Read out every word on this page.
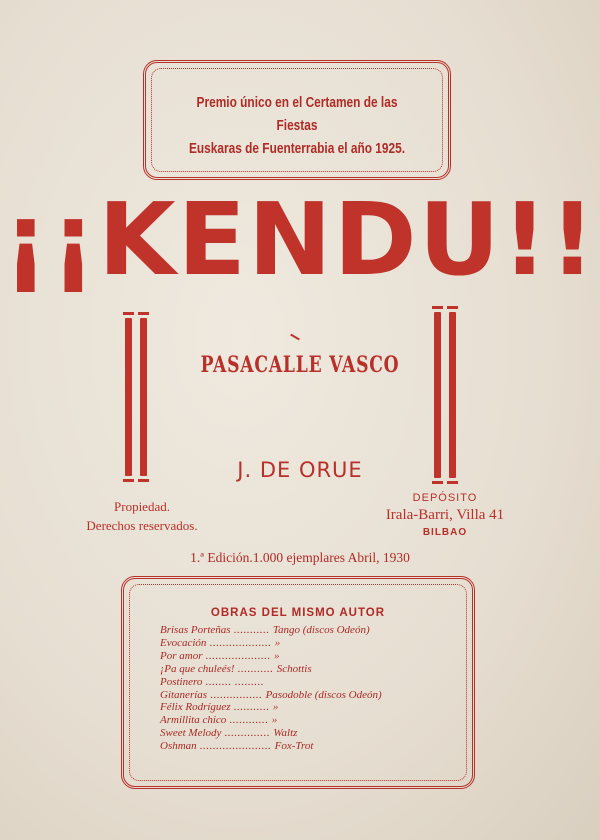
Premio único en el Certamen de las Fiestas
Euskaras de Fuenterrabia el año 1925.
¡¡KENDU!!
PASACALLE VASCO
J. DE ORUE
Propiedad.
Derechos reservados.
DEPÓSITO
Irala-Barri, Villa 41
BILBAO
1.ª Edición.1.000 ejemplares Abril, 1930
OBRAS DEL MISMO AUTOR
Brisas Porteñas ........... Tango (discos Odeón)
Evocación ................... »
Por amor .................... »
¡Pa que chuleés! ........... Schottis
Postinero ........ .........
Gitanerías ................ Pasodoble (discos Odeón)
Félix Rodríguez ........... »
Armillita chico ............ »
Sweet Melody .............. Waltz
Oshman ...................... Fox-Trot
